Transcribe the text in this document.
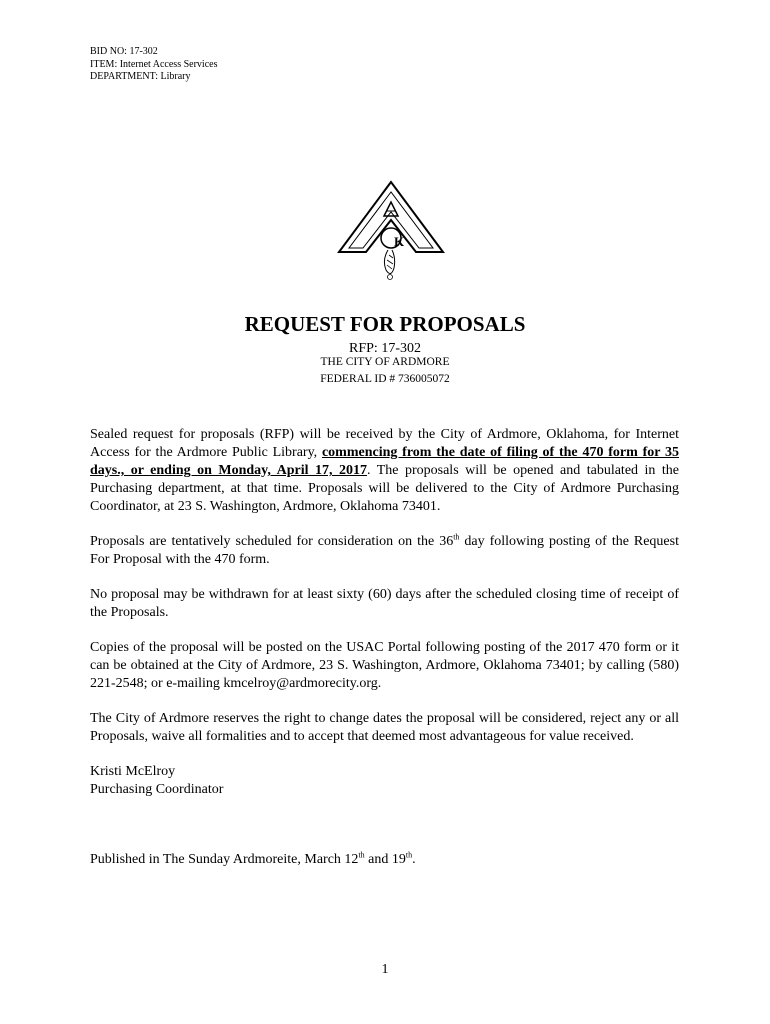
BID NO: 17-302
ITEM: Internet Access Services
DEPARTMENT: Library
K
REQUEST FOR PROPOSALS
RFP: 17-302
THE CITY OF ARDMORE
FEDERAL ID # 736005072

Sealed request for proposals (RFP) will be received by the City of Ardmore, Oklahoma, for Internet Access for the Ardmore Public Library, commencing from the date of filing of the 470 form for 35 days., or ending on Monday, April 17, 2017. The proposals will be opened and tabulated in the Purchasing department, at that time. Proposals will be delivered to the City of Ardmore Purchasing Coordinator, at 23 S. Washington, Ardmore, Oklahoma 73401.

Proposals are tentatively scheduled for consideration on the 36th day following posting of the Request For Proposal with the 470 form.

No proposal may be withdrawn for at least sixty (60) days after the scheduled closing time of receipt of the Proposals.

Copies of the proposal will be posted on the USAC Portal following posting of the 2017 470 form or it can be obtained at the City of Ardmore, 23 S. Washington, Ardmore, Oklahoma 73401; by calling (580) 221-2548; or e-mailing kmcelroy@ardmorecity.org.

The City of Ardmore reserves the right to change dates the proposal will be considered, reject any or all Proposals, waive all formalities and to accept that deemed most advantageous for value received.

Kristi McElroy
Purchasing Coordinator
Published in The Sunday Ardmoreite, March 12th and 19th.
1
